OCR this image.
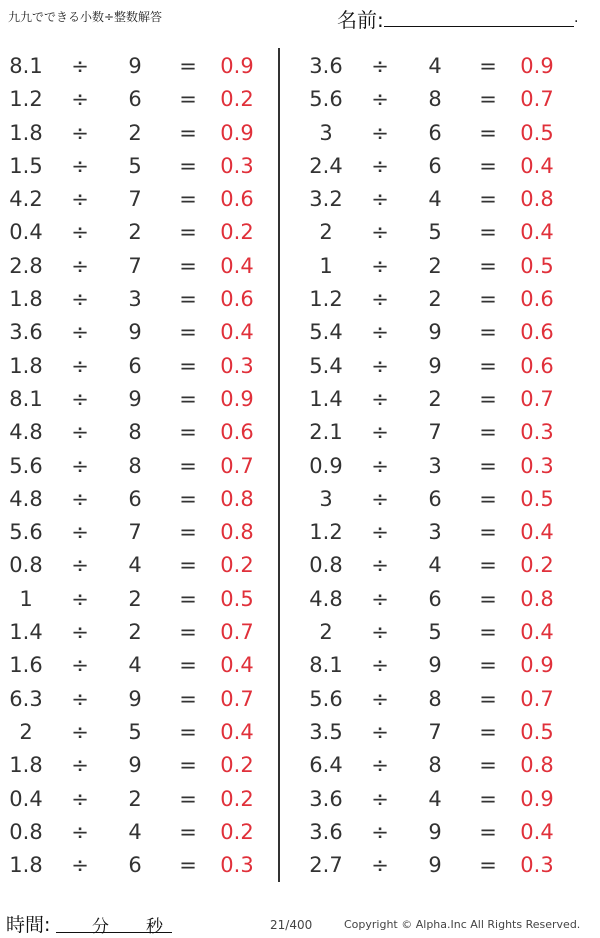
九九でできる小数÷整数解答	名前:	.
8.1 ÷ 9 = 0.9
1.2 ÷ 6 = 0.2
1.8 ÷ 2 = 0.9
1.5 ÷ 5 = 0.3
4.2 ÷ 7 = 0.6
0.4 ÷ 2 = 0.2
2.8 ÷ 7 = 0.4
1.8 ÷ 3 = 0.6
3.6 ÷ 9 = 0.4
1.8 ÷ 6 = 0.3
8.1 ÷ 9 = 0.9
4.8 ÷ 8 = 0.6
5.6 ÷ 8 = 0.7
4.8 ÷ 6 = 0.8
5.6 ÷ 7 = 0.8
0.8 ÷ 4 = 0.2
1	÷ 2 = 0.5
1.4 ÷ 2 = 0.7
1.6 ÷ 4 = 0.4
6.3 ÷ 9 = 0.7
2	÷ 5 = 0.4
1.8 ÷ 9 = 0.2
0.4 ÷ 2 = 0.2
0.8 ÷ 4 = 0.2
1.8 ÷ 6 = 0.3
3.6 ÷ 4 = 0.9
5.6 ÷ 8 = 0.7
3	÷ 6 = 0.5
2.4 ÷ 6 = 0.4
3.2 ÷ 4 = 0.8
2	÷ 5 = 0.4
1	÷ 2 = 0.5
1.2 ÷ 2 = 0.6
5.4 ÷ 9 = 0.6
5.4 ÷ 9 = 0.6
1.4 ÷ 2 = 0.7
2.1 ÷ 7 = 0.3
0.9 ÷ 3 = 0.3
3	÷ 6 = 0.5
1.2 ÷ 3 = 0.4
0.8 ÷ 4 = 0.2
4.8 ÷ 6 = 0.8
2	÷ 5 = 0.4
8.1 ÷ 9 = 0.9
5.6 ÷ 8 = 0.7
3.5 ÷ 7 = 0.5
6.4 ÷ 8 = 0.8
3.6 ÷ 4 = 0.9
3.6 ÷ 9 = 0.4
2.7 ÷ 9 = 0.3
時間: 分 秒	21/400	Copyright © Alpha.Inc All Rights Reserved.
